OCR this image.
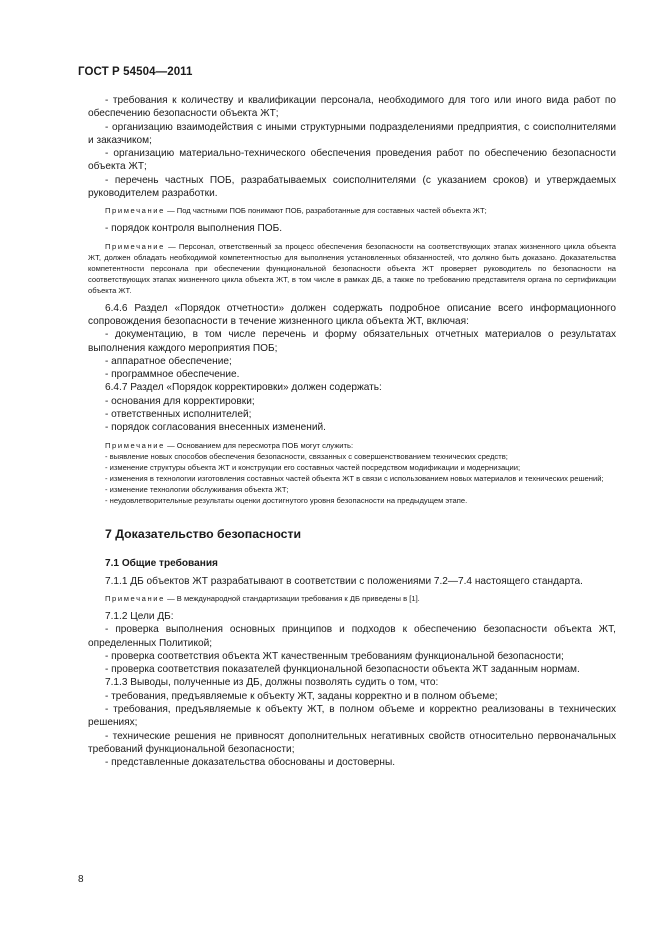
ГОСТ Р 54504—2011

- требования к количеству и квалификации персонала, необходимого для того или иного вида работ по обеспечению безопасности объекта ЖТ;

- организацию взаимодействия с иными структурными подразделениями предприятия, с соисполнителями и заказчиком;

- организацию материально-технического обеспечения проведения работ по обеспечению безопасности объекта ЖТ;

- перечень частных ПОБ, разрабатываемых соисполнителями (с указанием сроков) и утверждаемых руководителем разработки.

Примечание — Под частными ПОБ понимают ПОБ, разработанные для составных частей объекта ЖТ;

- порядок контроля выполнения ПОБ.

Примечание — Персонал, ответственный за процесс обеспечения безопасности на соответствующих этапах жизненного цикла объекта ЖТ, должен обладать необходимой компетентностью для выполнения установленных обязанностей, что должно быть доказано. Доказательства компетентности персонала при обеспечении функциональной безопасности объекта ЖТ проверяет руководитель по безопасности на соответствующих этапах жизненного цикла объекта ЖТ, в том числе в рамках ДБ, а также по требованию представителя органа по сертификации объекта ЖТ.

6.4.6 Раздел «Порядок отчетности» должен содержать подробное описание всего информационного сопровождения безопасности в течение жизненного цикла объекта ЖТ, включая:

- документацию, в том числе перечень и форму обязательных отчетных материалов о результатах выполнения каждого мероприятия ПОБ;

- аппаратное обеспечение;

- программное обеспечение.

6.4.7 Раздел «Порядок корректировки» должен содержать:

- основания для корректировки;

- ответственных исполнителей;

- порядок согласования внесенных изменений.

Примечание — Основанием для пересмотра ПОБ могут служить:

- выявление новых способов обеспечения безопасности, связанных с совершенствованием технических средств;

- изменение структуры объекта ЖТ и конструкции его составных частей посредством модификации и модернизации;

- изменения в технологии изготовления составных частей объекта ЖТ в связи с использованием новых материалов и технических решений;

- изменение технологии обслуживания объекта ЖТ;

- неудовлетворительные результаты оценки достигнутого уровня безопасности на предыдущем этапе.

7 Доказательство безопасности
7.1 Общие требования

7.1.1 ДБ объектов ЖТ разрабатывают в соответствии с положениями 7.2—7.4 настоящего стандарта.

Примечание — В международной стандартизации требования к ДБ приведены в [1].

7.1.2 Цели ДБ:

- проверка выполнения основных принципов и подходов к обеспечению безопасности объекта ЖТ, определенных Политикой;

- проверка соответствия объекта ЖТ качественным требованиям функциональной безопасности;

- проверка соответствия показателей функциональной безопасности объекта ЖТ заданным нормам.

7.1.3 Выводы, полученные из ДБ, должны позволять судить о том, что:

- требования, предъявляемые к объекту ЖТ, заданы корректно и в полном объеме;

- требования, предъявляемые к объекту ЖТ, в полном объеме и корректно реализованы в технических решениях;

- технические решения не привносят дополнительных негативных свойств относительно первоначальных требований функциональной безопасности;

- представленные доказательства обоснованы и достоверны.

8
